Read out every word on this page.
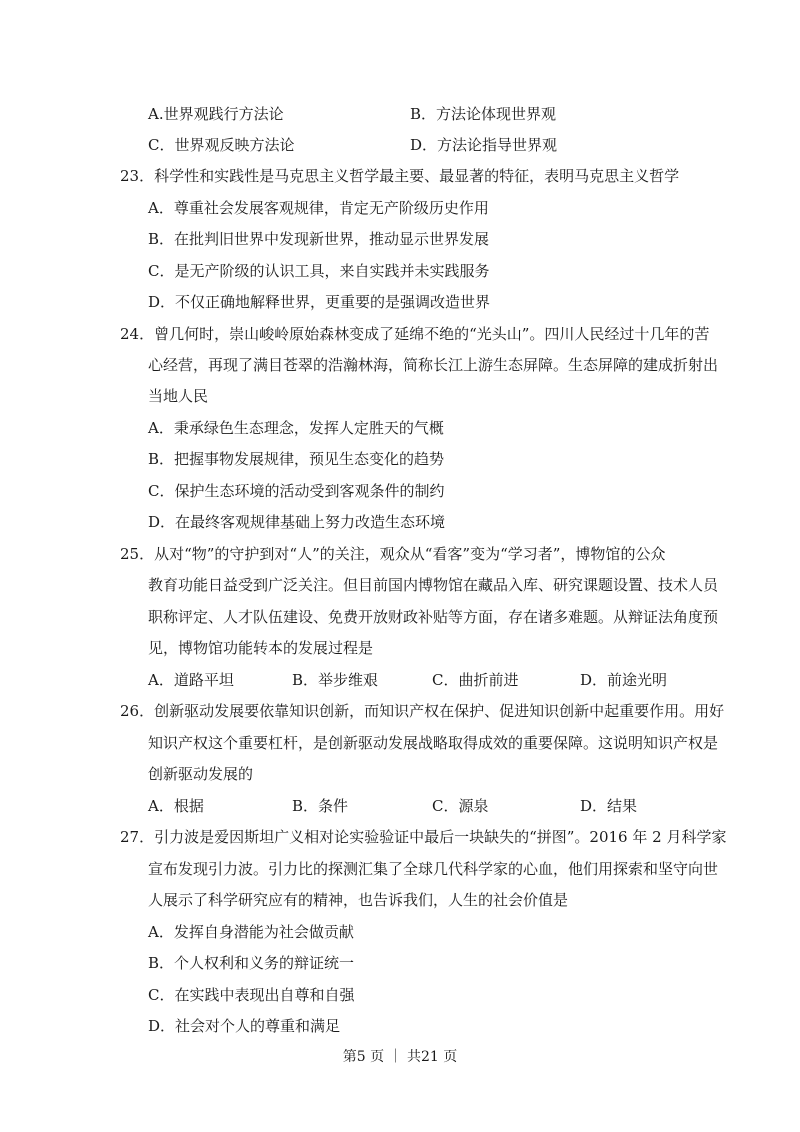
A.世界观践行方法论	B．方法论体现世界观
C．世界观反映方法论	D．方法论指导世界观
23．科学性和实践性是马克思主义哲学最主要、最显著的特征，表明马克思主义哲学
A．尊重社会发展客观规律，肯定无产阶级历史作用
B．在批判旧世界中发现新世界，推动显示世界发展
C．是无产阶级的认识工具，来自实践并未实践服务
D．不仅正确地解释世界，更重要的是强调改造世界
24．曾几何时，崇山峻岭原始森林变成了延绵不绝的“光头山”。四川人民经过十几年的苦
心经营，再现了满目苍翠的浩瀚林海，简称长江上游生态屏障。生态屏障的建成折射出
当地人民
A．秉承绿色生态理念，发挥人定胜天的气概
B．把握事物发展规律，预见生态变化的趋势
C．保护生态环境的活动受到客观条件的制约
D．在最终客观规律基础上努力改造生态环境
25．从对“物”的守护到对“人”的关注，观众从“看客”变为“学习者”，博物馆的公众
教育功能日益受到广泛关注。但目前国内博物馆在藏品入库、研究课题设置、技术人员
职称评定、人才队伍建设、免费开放财政补贴等方面，存在诸多难题。从辩证法角度预
见，博物馆功能转本的发展过程是
A．道路平坦	B．举步维艰	C．曲折前进	D．前途光明
26．创新驱动发展要依靠知识创新，而知识产权在保护、促进知识创新中起重要作用。用好
知识产权这个重要杠杆，是创新驱动发展战略取得成效的重要保障。这说明知识产权是
创新驱动发展的
A．根据	B．条件	C．源泉	D．结果
27．引力波是爱因斯坦广义相对论实验验证中最后一块缺失的“拼图”。2016 年 2 月科学家
宣布发现引力波。引力比的探测汇集了全球几代科学家的心血，他们用探索和坚守向世
人展示了科学研究应有的精神，也告诉我们，人生的社会价值是
A．发挥自身潜能为社会做贡献
B．个人权利和义务的辩证统一
C．在实践中表现出自尊和自强
D．社会对个人的尊重和满足
第5 页 ｜ 共21 页
